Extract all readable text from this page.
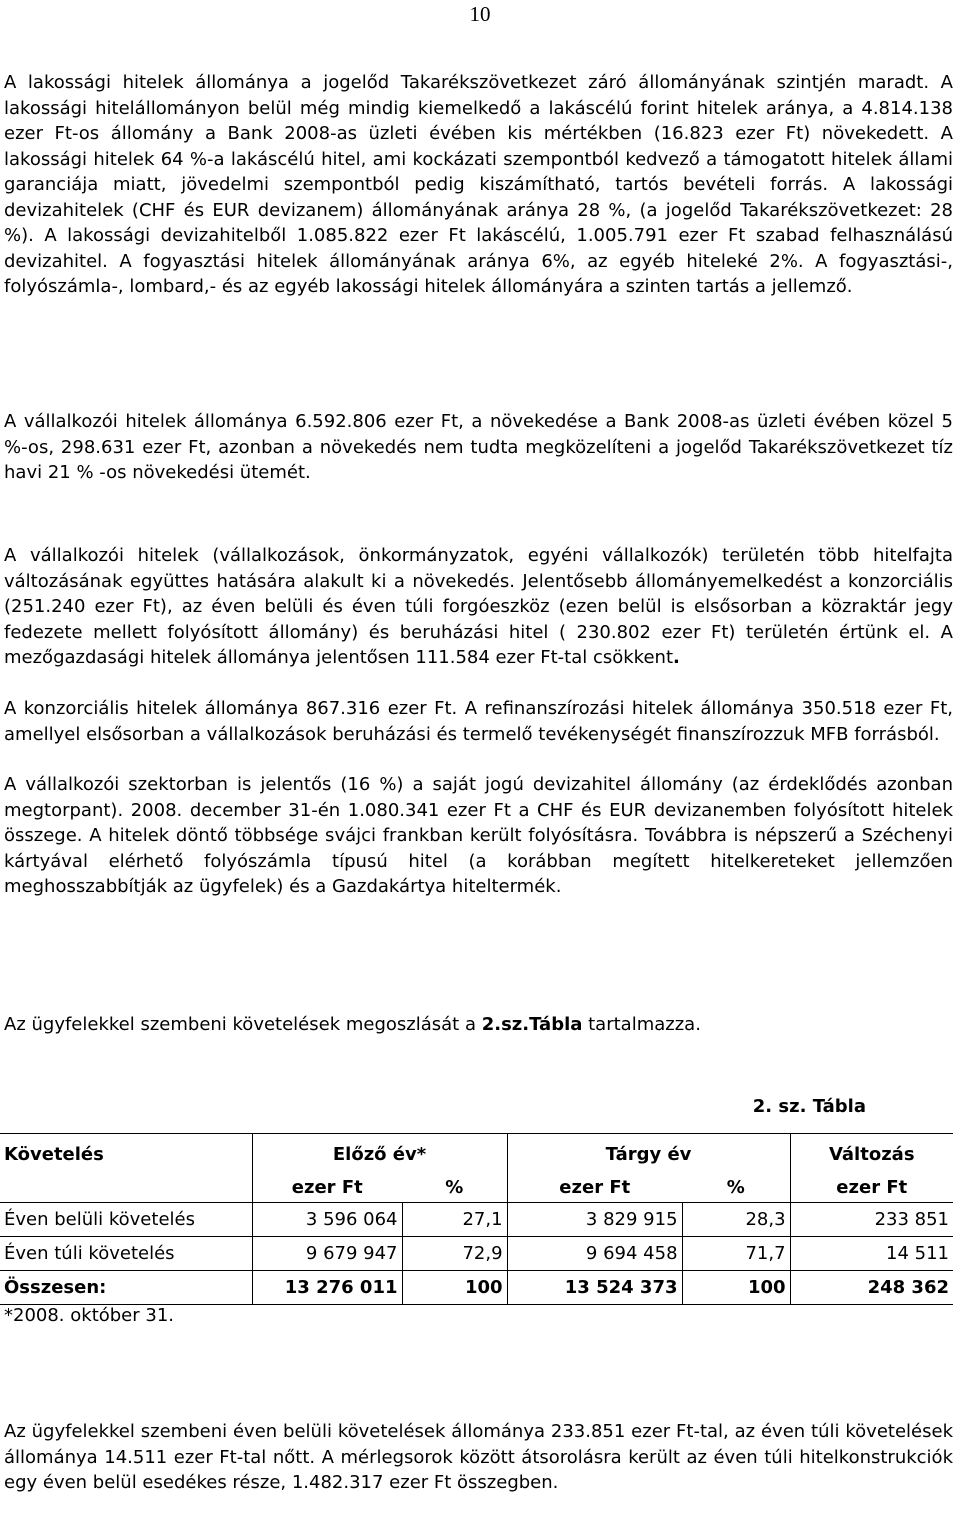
10

A lakossági hitelek állománya a jogelőd Takarékszövetkezet záró állományának szintjén maradt. A lakossági hitelállományon belül még mindig kiemelkedő a lakáscélú forint hitelek aránya, a 4.814.138 ezer Ft-os állomány a Bank 2008-as üzleti évében kis mértékben (16.823 ezer Ft) növekedett. A lakossági hitelek 64 %-a lakáscélú hitel, ami kockázati szempontból kedvező a támogatott hitelek állami garanciája miatt, jövedelmi szempontból pedig kiszámítható, tartós bevételi forrás. A lakossági devizahitelek (CHF és EUR devizanem) állományának aránya 28 %, (a jogelőd Takarékszövetkezet: 28 %). A lakossági devizahitelből 1.085.822 ezer Ft lakáscélú, 1.005.791 ezer Ft szabad felhasználású devizahitel. A fogyasztási hitelek állományának aránya 6%, az egyéb hiteleké 2%. A fogyasztási-, folyószámla-, lombard,- és az egyéb lakossági hitelek állományára a szinten tartás a jellemző.

A vállalkozói hitelek állománya 6.592.806 ezer Ft, a növekedése a Bank 2008-as üzleti évében közel 5 %-os, 298.631 ezer Ft, azonban a növekedés nem tudta megközelíteni a jogelőd Takarékszövetkezet tíz havi 21 % -os növekedési ütemét.

A vállalkozói hitelek (vállalkozások, önkormányzatok, egyéni vállalkozók) területén több hitelfajta változásának együttes hatására alakult ki a növekedés. Jelentősebb állományemelkedést a konzorciális (251.240 ezer Ft), az éven belüli és éven túli forgóeszköz (ezen belül is elsősorban a közraktár jegy fedezete mellett folyósított állomány) és beruházási hitel ( 230.802 ezer Ft) területén értünk el. A mezőgazdasági hitelek állománya jelentősen 111.584 ezer Ft-tal csökkent.

A konzorciális hitelek állománya 867.316 ezer Ft. A refinanszírozási hitelek állománya 350.518 ezer Ft, amellyel elsősorban a vállalkozások beruházási és termelő tevékenységét finanszírozzuk MFB forrásból.

A vállalkozói szektorban is jelentős (16 %) a saját jogú devizahitel állomány (az érdeklődés azonban megtorpant). 2008. december 31-én 1.080.341 ezer Ft a CHF és EUR devizanemben folyósított hitelek összege. A hitelek döntő többsége svájci frankban került folyósításra. Továbbra is népszerű a Széchenyi kártyával elérhető folyószámla típusú hitel (a korábban megített hitelkereteket jellemzően meghosszabbítják az ügyfelek) és a Gazdakártya hiteltermék.

Az ügyfelekkel szembeni követelések megoszlását a 2.sz.Tábla tartalmazza.

2. sz. Tábla
Követelés	Előző év*		Tárgy év		Változás
	ezer Ft	%	ezer Ft	%	ezer Ft
Éven belüli követelés	3 596 064	27,1	3 829 915	28,3	233 851
Éven túli követelés	9 679 947	72,9	9 694 458	71,7	14 511
Összesen:	13 276 011	100	13 524 373	100	248 362

*2008. október 31.

Az ügyfelekkel szembeni éven belüli követelések állománya 233.851 ezer Ft-tal, az éven túli követelések állománya 14.511 ezer Ft-tal nőtt. A mérlegsorok között átsorolásra került az éven túli hitelkonstrukciók egy éven belül esedékes része, 1.482.317 ezer Ft összegben.
